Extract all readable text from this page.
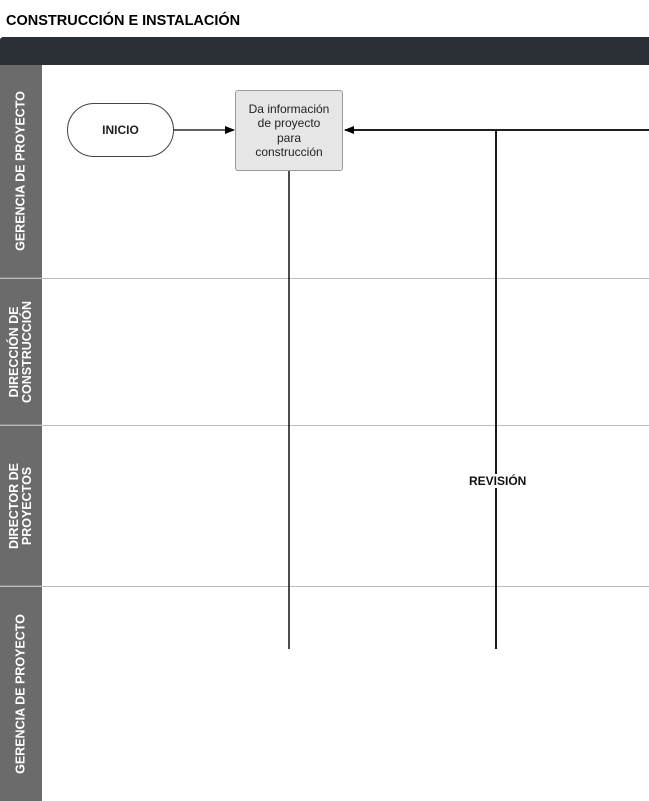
CONSTRUCCIÓN E INSTALACIÓN
GERENCIA DE PROYECTO
DIRECCIÓN DE CONSTRUCCIÓN
DIRECTOR DE PROYECTOS
GERENCIA DE PROYECTO
INICIO
Da información de proyecto para construcción
REVISIÓN
